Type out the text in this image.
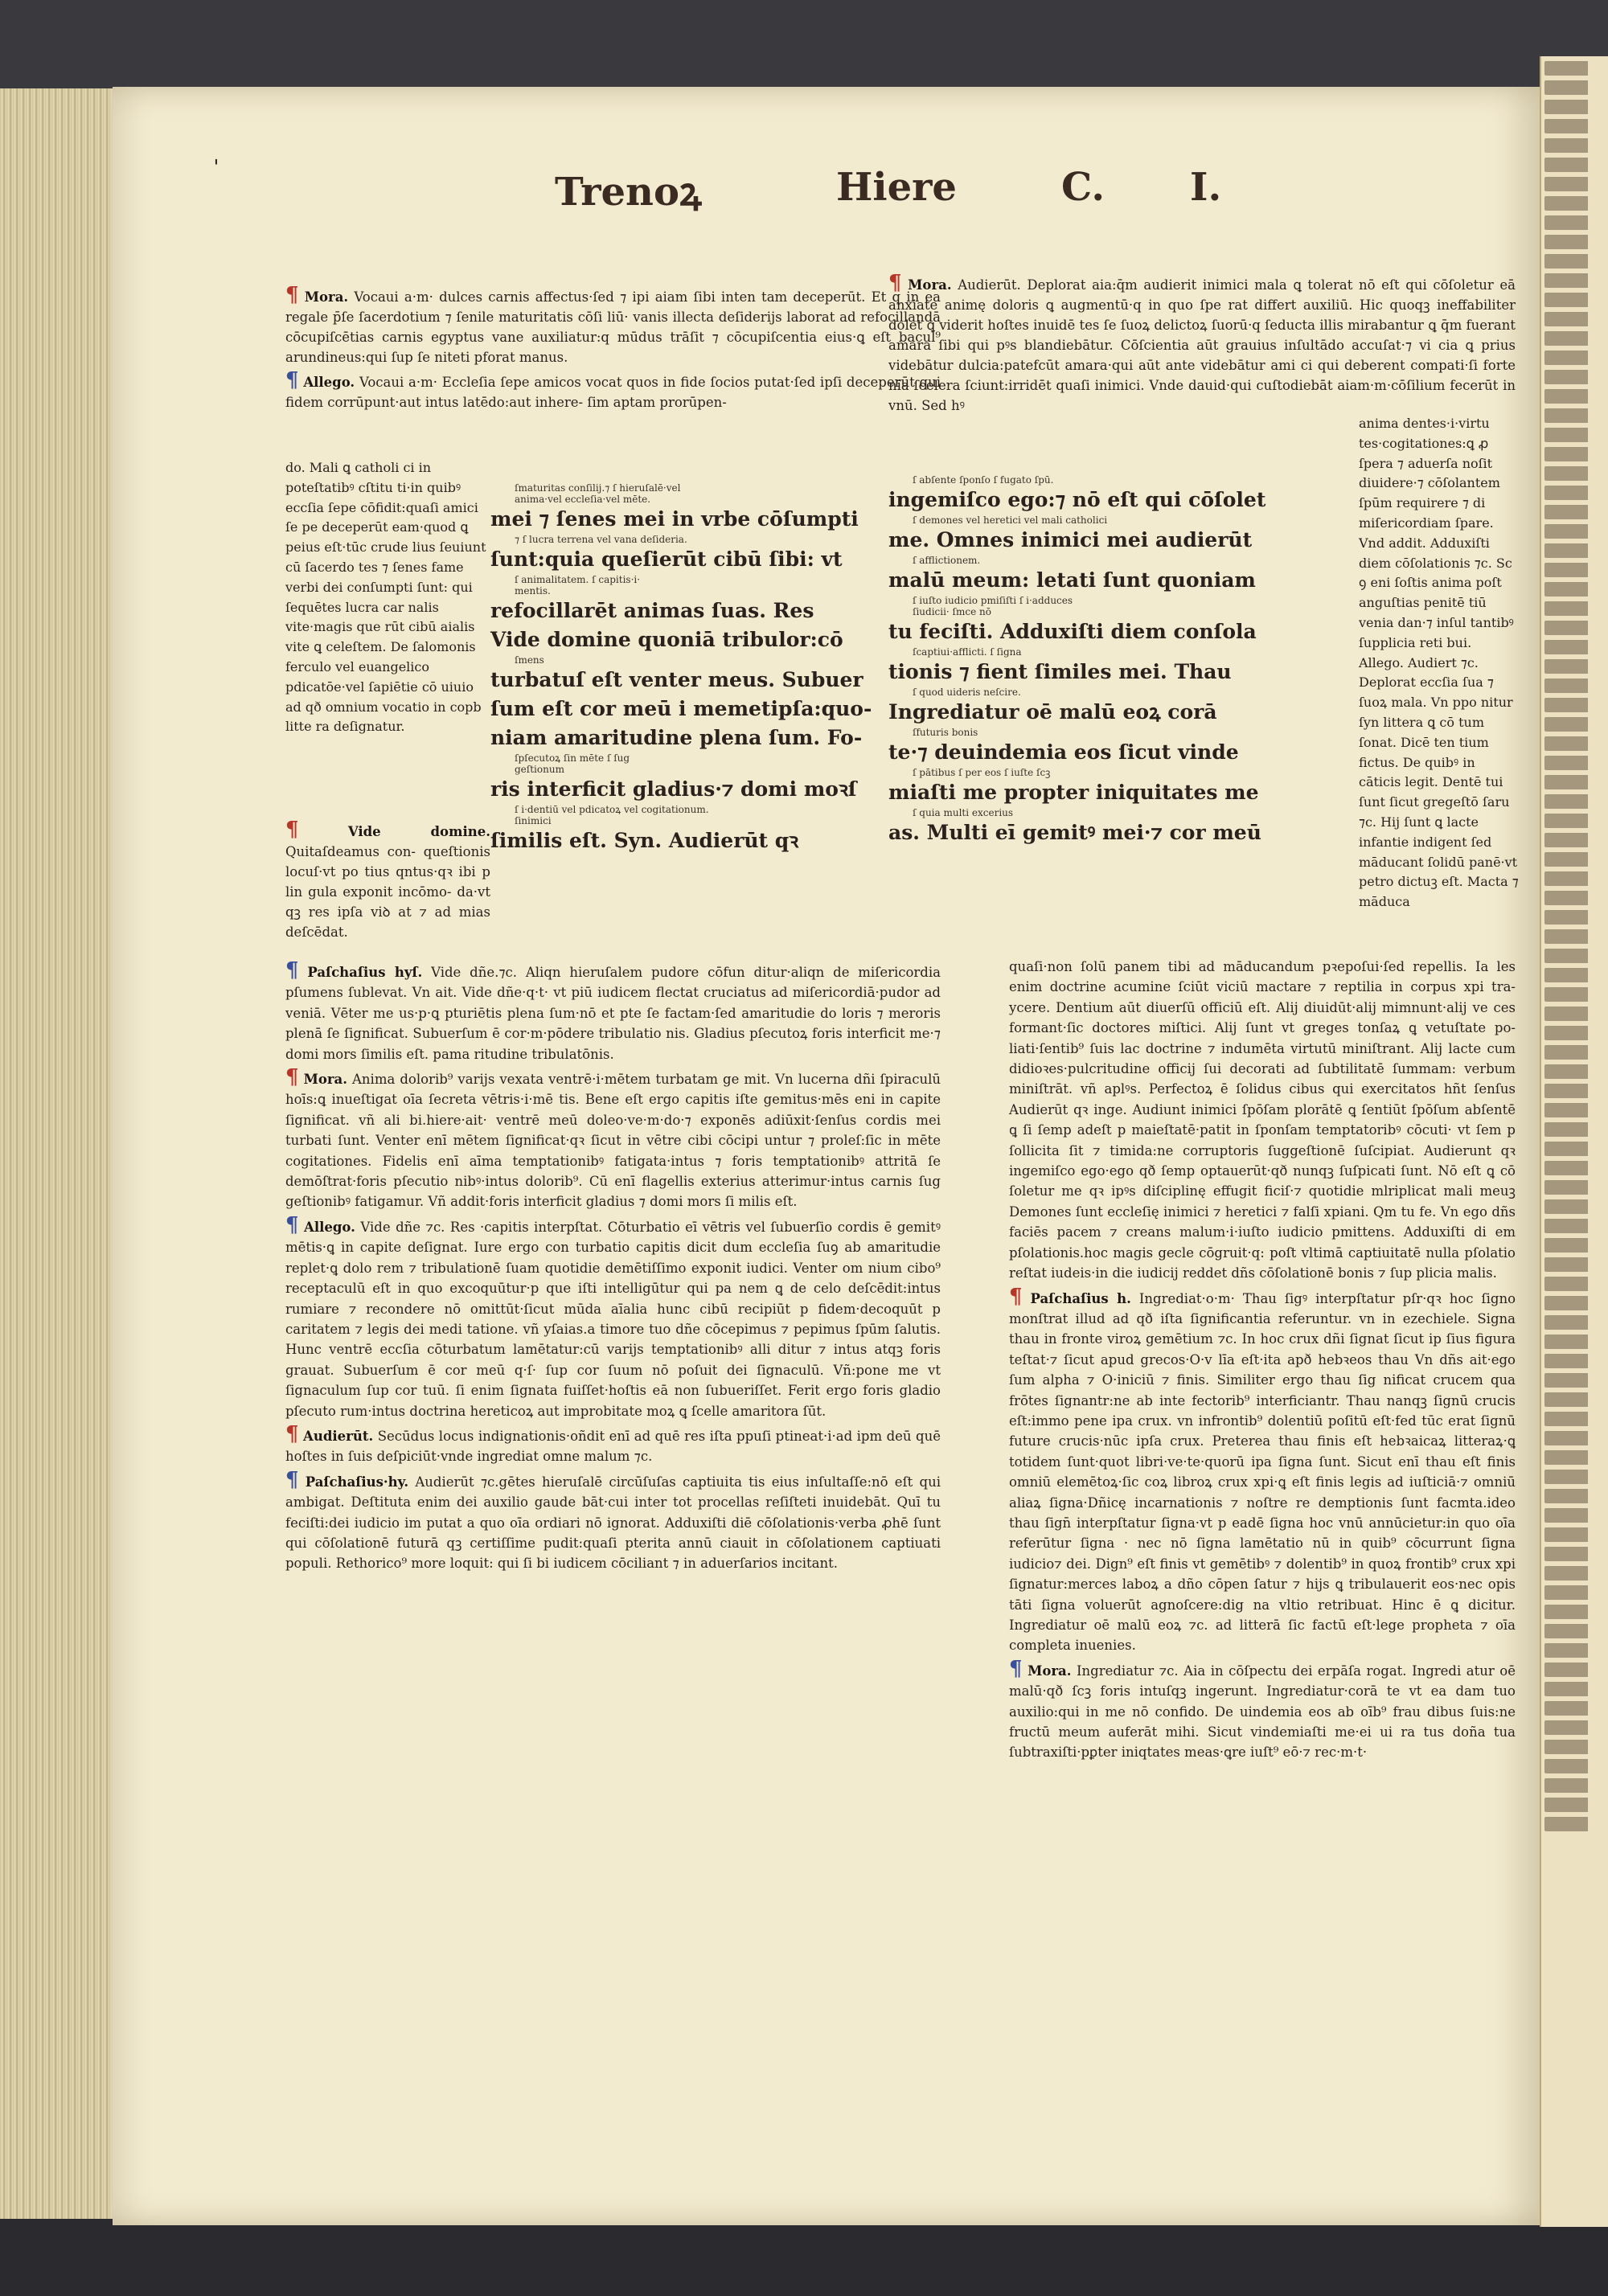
ˌ
Trenoꝝ	Hiere	C. I.

¶ Mora. Vocaui a·m· dulces carnis affectus·ſed ⁊ ipi aiam ſibi inten tam deceperūt. Et q in ea regale p̄ſe ſacerdotium ⁊ ſenile maturitatis cōſi liū· vanis illecta deſiderijs laborat ad refocillandā cōcupiſcētias carnis egyptus vane auxiliatur:q mūdus trāſit ⁊ cōcupiſcentia eius·ꝗ eſt bacul⁹ arundineus:qui ſup ſe niteti pforat manus.

¶ Allego. Vocaui a·m· Eccleſia ſepe amicos vocat quos in fide ſocios putat·ſed ipſi deceperūt qui fidem corrūpunt·aut intus latēdo:aut inhere- ſim aptam prorūpen-

do. Mali ꝗ catholi ci in poteſtatibꝰ cſtitu ti·in quibꝰ eccſia ſepe cōfidit:quaſi amici ſe pe deceperūt eam·quod ꝗ peius eſt·tūc crude lius ſeuiunt cū ſacerdo tes ⁊ ſenes fame verbi dei conſumpti ſunt: qui ſequētes lucra car nalis vite·magis que rūt cibū aialis vite ꝗ celeſtem. De ſalomonis ferculo vel euangelico pdicatōe·vel ſapiētie cō uiuio ad qð omnium vocatio in copb litte ra deſignatur.

ſmaturitas conſilij.⁊ ſ hieruſalē·vel

anima·vel eccleſia·vel mēte.

mei ⁊ ſenes mei in vrbe cōſumpti

⁊ ſ lucra terrena vel vana deſideria.

ſunt:quia queſierūt cibū ſibi: vt

ſ animalitatem. ſ capitis·i·

mentis.

refocillarēt animas ſuas. Res

Vide domine quoniā tribulor:cō

ſmens

turbatuſ eſt venter meus. Subuer

ſum eſt cor meū i memetipſa:quo-

niam amaritudine plena ſum. Fo-

ſpſecutoꝝ ſin mēte ſ ſug

geſtionum

ris interficit gladius·⁊ domi moꝛſ

ſ i·dentiū vel pdicatoꝝ vel cogitationum.

ſinimici

ſimilis eſt. Syn. Audierūt qꝛ

¶ Mora. Audierūt. Deplorat aia:q̄m audierit inimici mala ꝗ tolerat nō eſt qui cōſoletur eā anxiate animę doloris ꝗ augmentū·q in quo ſpe rat differt auxiliū. Hic quoqꝫ ineffabiliter dolet ꝗ viderit hoſtes inuidē tes ſe ſuoꝝ delictoꝝ ſuorū·q ſeducta illis mirabantur ꝗ q̄m fuerant amara ſibi qui pꝰs blandiebātur. Cōſcientia aūt grauius inſultādo accuſat·⁊ vi cia ꝗ prius videbātur dulcia:patefcūt amara·qui aūt ante videbātur ami ci qui deberent compati·ſi forte nīa ſcelera ſciunt:irridēt quaſi inimici. Vnde dauid·qui cuſtodiebāt aiam·m·cōſilium fecerūt in vnū. Sed hꝰ

ſ abſente ſponſo ſ fugato ſpū.

ingemiſco ego:⁊ nō eſt qui cōſolet

ſ demones vel heretici vel mali catholici

me. Omnes inimici mei audierūt

ſ afflictionem.

malū meum: letati ſunt quoniam

ſ iuſto iudicio pmiſiſti ſ i·adduces

ſiudicii· ſmce nō

tu feciſti. Adduxiſti diem conſola

ſcaptiui·afflicti. ſ ſigna

tionis ⁊ fient ſimiles mei. Thau

ſ quod uideris neſcire.

Ingrediatur oē malū eoꝝ corā

ſfuturis bonis

te·⁊ deuindemia eos ſicut vinde

ſ pātibus ſ per eos ſ iuſte ſcꝫ

miaſti me propter iniquitates me

ſ quia multi excerius

as. Multi eī gemitꝰ mei·⁊ cor meū

anima dentes·i·virtu tes·cogitationes:ꝗ ꝓ ſpera ⁊ aduerſa noſit diuidere·⁊ cōſolantem ſpūm requirere ⁊ di miſericordiam ſpare. Vnd addit. Adduxiſti diem cōſolationis ⁊c. Sc ꝯ eni ſoſtis anima poſt anguſtias penitē tiū venia dan·⁊ inſul tantibꝰ ſupplicia reti bui. Allego. Audiert ⁊c. Deplorat eccſia ſua ⁊ ſuoꝝ mala. Vn ppo nitur ſyn littera ꝗ cō tum ſonat. Dicē ten tium fictus. De quibꝰ in cāticis legit. Dentē tui ſunt ſicut gregeſtō ſaru ⁊c. Hij ſunt ꝗ lacte infantie indigent ſed māducant ſolidū panē·vt petro dictuꝫ eſt. Macta ⁊ māduca
¶	Vide domine. Quitaſdeamus con- queſtionis locuſ·vt po tius qntus·qꝛ ibi p lin gula exponit incōmo- da·vt qꝫ res ipſa viꝺ at ⁊ ad mias deſcēdat.

¶ Paſchaſius hyſ. Vide dñe.⁊c. Aliqn hieruſalem pudore cōfun ditur·aliqn de miſericordia pſumens ſublevat. Vn ait. Vide dñe·q·t· vt piū iudicem flectat cruciatus ad miſericordiā·pudor ad veniā. Vēter me us·p·ꝗ pturiētis plena ſum·nō et pte ſe factam·ſed amaritudie do loris ⁊ meroris plenā ſe ſignificat. Subuerſum ē cor·m·pōdere tribulatio nis. Gladius pſecutoꝝ foris interficit me·⁊ domi mors ſimilis eſt. pama ritudine tribulatōnis.

¶ Mora. Anima dolorib⁹ varijs vexata ventrē·i·mētem turbatam ge mit. Vn lucerna dñi ſpiraculū hoīs:ꝗ inueſtigat oīa ſecreta vētris·i·mē tis. Bene eſt ergo capitis iſte gemitus·mēs eni in capite ſignificat. vñ ali bi.hiere·ait· ventrē meū doleo·ve·m·do·⁊ exponēs adiūxit·ſenſus cordis mei turbati ſunt. Venter enī mētem ſignificat·qꝛ ſicut in vētre cibi cōcipi untur ⁊ proleſ:ſic in mēte cogitationes. Fidelis enī aīma temptationibꝰ fatigata·intus ⁊ foris temptationibꝰ attritā ſe demōſtrat·foris pſecutio nibꝰ·intus dolorib⁹. Cū enī flagellis exterius atterimur·intus carnis ſug geſtionibꝰ fatigamur. Vñ addit·foris interficit gladius ⁊ domi mors ſi milis eſt.

¶ Allego. Vide dñe ⁊c. Res ·capitis interpſtat. Cōturbatio eī vētris vel ſubuerſio cordis ē gemitꝰ mētis·ꝗ in capite deſignat. Iure ergo con turbatio capitis dicit dum eccleſia ſuꝯ ab amaritudie replet·ꝗ dolo rem ⁊ tribulationē ſuam quotidie demētiſſimo exponit iudici. Venter om nium cibo⁹ receptaculū eſt in quo excoquūtur·p que iſti intelligūtur qui pa nem ꝗ de celo deſcēdit:intus rumiare ⁊ recondere nō omittūt·ſicut mūda aīalia hunc cibū recipiūt p fidem·decoquūt p caritatem ⁊ legis dei medi tatione. vñ yſaias.a timore tuo dñe cōcepimus ⁊ pepimus ſpūm ſalutis. Hunc ventrē eccſia cōturbatum lamētatur:cū varijs temptationibꝰ alli ditur ⁊ intus atqꝫ foris grauat. Subuerſum ē cor meū q·ſ· ſup cor ſuum nō poſuit dei ſignaculū. Vñ:pone me vt ſignaculum ſup cor tuū. ſi enim ſignata fuiſſet·hoſtis eā non ſubueriſſet. Ferit ergo foris gladio pſecuto rum·intus doctrina hereticoꝝ aut improbitate moꝝ ꝗ ſcelle amaritora ſūt.

¶ Audierūt. Secūdus locus indignationis·oñdit enī ad quē res iſta ppuſi ptineat·i·ad ipm deū quē hoſtes in ſuis deſpiciūt·vnde ingrediat omne malum ⁊c.

¶ Paſchaſius·hy. Audierūt ⁊c.gētes hieruſalē circūſuſas captiuita tis eius inſultaſſe:nō eſt qui ambigat. Deſtituta enim dei auxilio gaude bāt·cui inter tot procellas reſiſteti inuidebāt. Quī tu feciſti:dei iudicio im putat a quo oīa ordiari nō ignorat. Adduxiſti diē cōſolationis·verba ꝓhē ſunt qui cōſolationē futurā qꝫ certiſſime pudit:quaſi pterita annū ciauit in cōſolationem captiuati populi. Rethorico⁹ more loquit: qui ſi bi iudicem cōciliant ⁊ in aduerſarios incitant.

quaſi·non ſolū panem tibi ad māducandum pꝛepoſui·ſed repellis. Ia les enim doctrine acumine ſciūt viciū mactare ⁊ reptilia in corpus xpi tra- ycere. Dentium aūt diuerſū officiū eſt. Alij diuidūt·alij mimnunt·alij ve ces formant·ſic doctores miſtici. Alij ſunt vt greges tonſaꝝ ꝗ vetuſtate po- liati·ſentib⁹ ſuis lac doctrine ⁊ indumēta virtutū miniſtrant. Alij lacte cum didioꝛes·pulcritudine officij ſui decorati ad ſubtilitatē ſummam: verbum miniſtrāt. vñ aplꝰs. Perfectoꝝ ē ſolidus cibus qui exercitatos hñt ſenſus Audierūt qꝛ inge. Audiunt inimici ſpōſam plorātē ꝗ ſentiūt ſpōſum abſentē ꝗ ſi ſemp adeſt p maieſtatē·patit in ſponſam temptatoribꝰ cōcuti· vt ſem p ſollicita ſit ⁊ timida:ne corruptoris ſuggeſtionē ſuſcipiat. Audierunt qꝛ ingemiſco ego·ego qð ſemp optauerūt·qð nunqꝫ ſuſpicati ſunt. Nō eſt ꝗ cō ſoletur me qꝛ ipꝰs diſciplinę effugit ficiſ·⁊ quotidie mlriplicat mali meuꝫ Demones ſunt eccleſię inimici ⁊ heretici ⁊ falſi xpiani. Qm tu fe. Vn ego dñs faciēs pacem ⁊ creans malum·i·iuſto iudicio pmittens. Adduxiſti di em pſolationis.hoc magis gecle cōgruit·q: poſt vltimā captiuitatē nulla pſolatio reſtat iudeis·in die iudicij reddet dñs cōſolationē bonis ⁊ ſup plicia malis.

¶ Paſchaſius h. Ingrediat·o·m· Thau ſigꝰ interpſtatur pſr·qꝛ hoc ſigno monſtrat illud ad qð iſta ſignificantia referuntur. vn in ezechiele. Signa thau in fronte viroꝝ gemētium ⁊c. In hoc crux dñi ſignat ſicut ip ſius figura teſtat·⁊ ſicut apud grecos·O·v līa eſt·ita apð hebꝛeos thau Vn dñs ait·ego ſum alpha ⁊ O·iniciū ⁊ finis. Similiter ergo thau ſig nificat crucem qua frōtes ſignantr:ne ab inte fectorib⁹ interficiantr. Thau nanqꝫ ſignū crucis eſt:immo pene ipa crux. vn infrontib⁹ dolentiū poſitū eſt·fed tūc erat ſignū future crucis·nūc ipſa crux. Preterea thau finis eſt hebꝛaicaꝝ litteraꝝ·ꝗ totidem ſunt·quot libri·ve·te·quorū ipa ſigna ſunt. Sicut enī thau eſt finis omniū elemētoꝝ·ſic coꝝ libroꝝ crux xpi·ꝗ eſt finis legis ad iuſticiā·⁊ omniū aliaꝝ ſigna·Dñicę incarnationis ⁊ noſtre re demptionis ſunt facmta.ideo thau ſign̄ interpſtatur ſigna·vt p eadē ſigna hoc vnū annūcietur:in quo oīa referūtur ſigna · nec nō ſigna lamētatio nū in quib⁹ cōcurrunt ſigna iudicio⁊ dei. Dign⁹ eſt finis vt gemētibꝰ ⁊ dolentib⁹ in quoꝝ frontib⁹ crux xpi ſignatur:merces laboꝝ a dño cōpen ſatur ⁊ hijs ꝗ tribulauerit eos·nec opis tāti ſigna voluerūt agnoſcere:dig na vltio retribuat. Hinc ē ꝗ dicitur. Ingrediatur oē malū eoꝝ ⁊c. ad litterā ſic factū eſt·lege propheta ⁊ oīa completa inuenies.

¶ Mora. Ingrediatur ⁊c. Aia in cōſpectu dei erpāſa rogat. Ingredi atur oē malū·qð ſcꝫ foris intuſqꝫ ingerunt. Ingrediatur·corā te vt ea dam tuo auxilio:qui in me nō confido. De uindemia eos ab oīb⁹ frau dibus ſuis:ne fructū meum auferāt mihi. Sicut vindemiaſti me·ei ui ra tus doña tua ſubtraxiſti·pꝑter iniqtates meas·ꝗre iuſt⁹ eō·⁊ rec·m·t·
